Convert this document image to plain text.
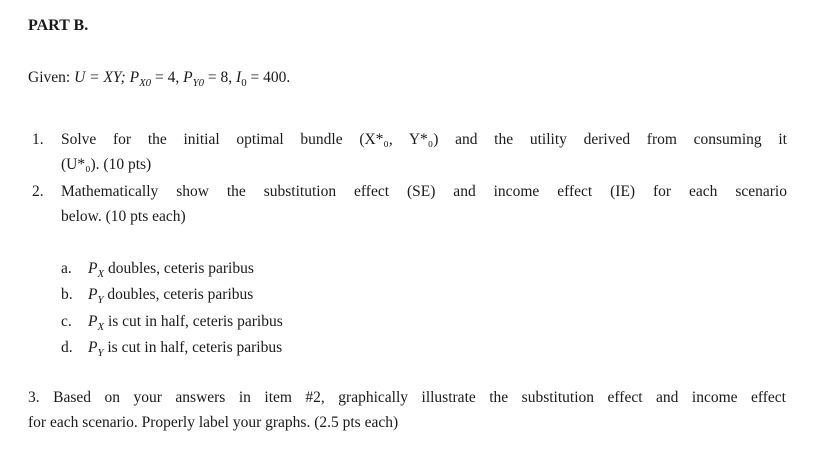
PART B.
Given: U = XY; $P_{X0} = 4$, $P_{Y0} = 8$, $I_0 = 400$.
1. Solve for the initial optimal bundle (X*₀, Y*₀) and the utility derived from consuming it
(U*₀). (10 pts)
2. Mathematically show the substitution effect (SE) and income effect (IE) for each scenario
below. (10 pts each)
a. $P_X$ doubles, ceteris paribus
b. $P_Y$ doubles, ceteris paribus
c. $P_X$ is cut in half, ceteris paribus
d. $P_Y$ is cut in half, ceteris paribus
3. Based on your answers in item #2, graphically illustrate the substitution effect and income effect
for each scenario. Properly label your graphs. (2.5 pts each)
